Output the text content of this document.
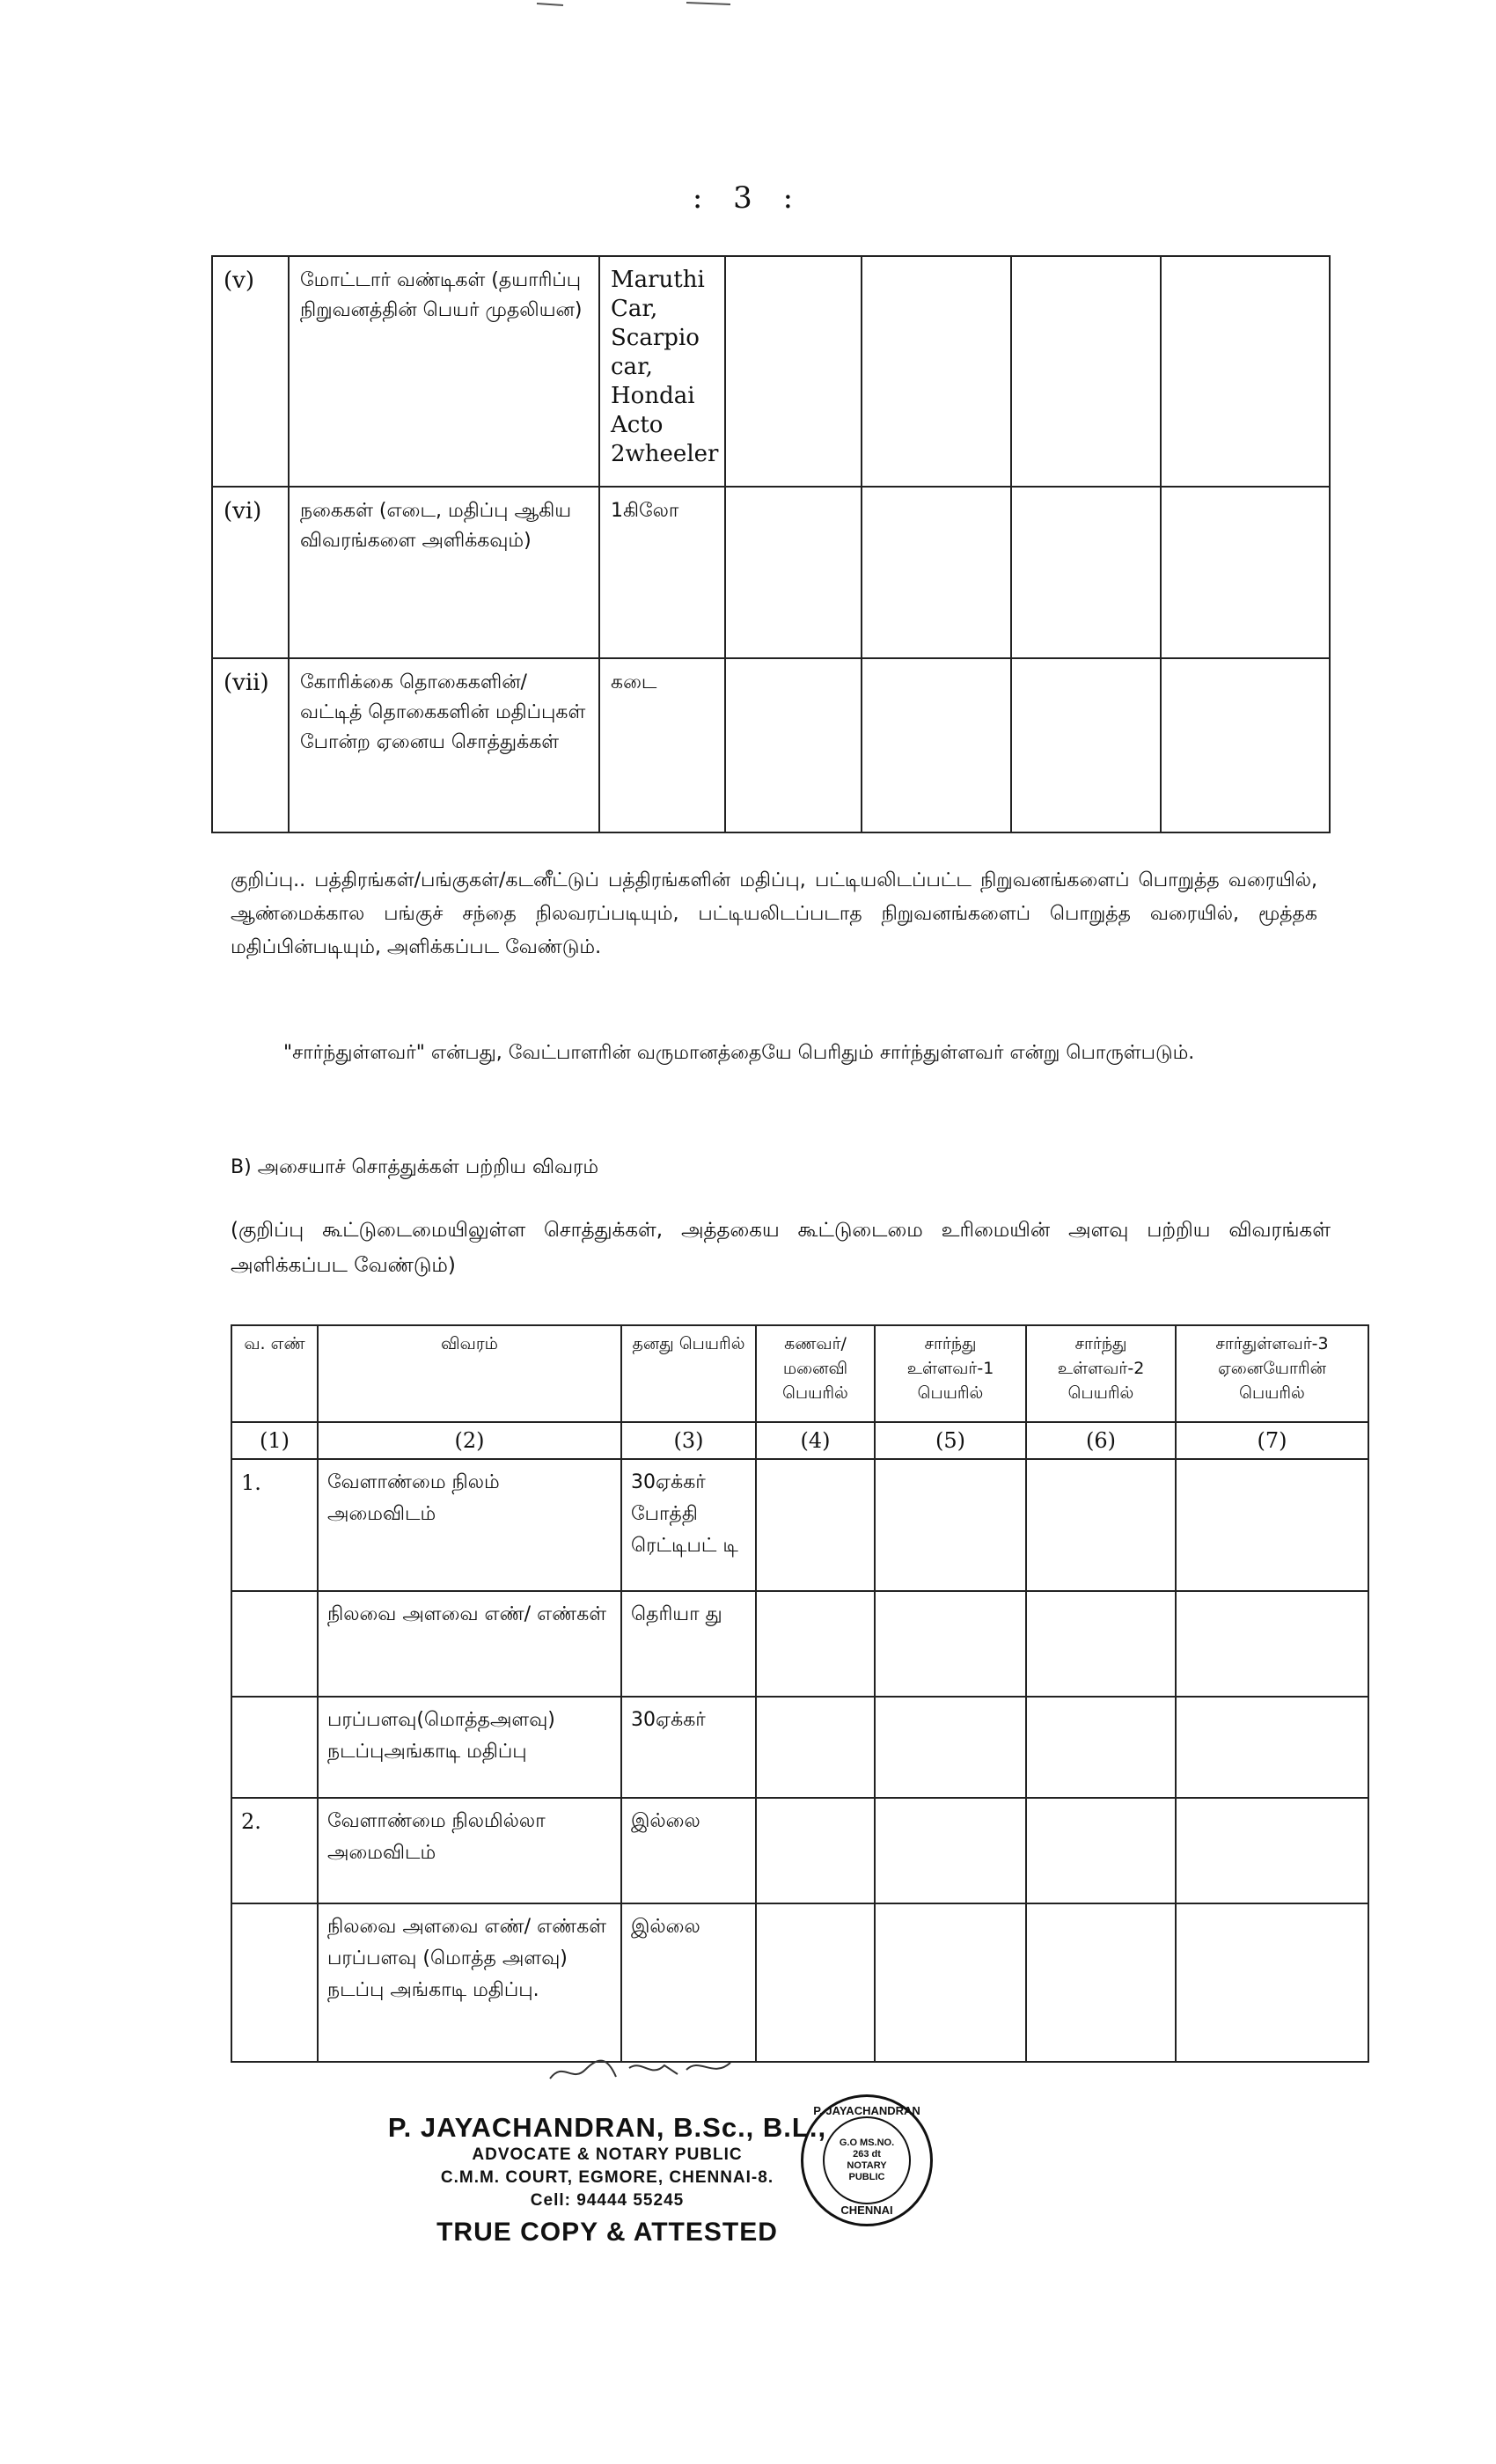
: 3 :
(v)	மோட்டார் வண்டிகள் (தயாரிப்பு நிறுவனத்தின் பெயர் முதலியன)	Maruthi Car, Scarpio car, Hondai Acto 2wheeler				
(vi)	நகைகள் (எடை, மதிப்பு ஆகிய விவரங்களை அளிக்கவும்)	1கிலோ				
(vii)	கோரிக்கை தொகைகளின்/வட்டித் தொகைகளின் மதிப்புகள் போன்ற ஏனைய சொத்துக்கள்	கடை				
குறிப்பு.. பத்திரங்கள்/பங்குகள்/கடனீட்டுப் பத்திரங்களின் மதிப்பு, பட்டியலிடப்பட்ட நிறுவனங்களைப் பொறுத்த வரையில், ஆண்மைக்கால பங்குச் சந்தை நிலவரப்படியும், பட்டியலிடப்படாத நிறுவனங்களைப் பொறுத்த வரையில், மூத்தக மதிப்பின்படியும், அளிக்கப்பட வேண்டும்.
"சார்ந்துள்ளவர்" என்பது, வேட்பாளரின் வருமானத்தையே பெரிதும் சார்ந்துள்ளவர் என்று பொருள்படும்.
B) அசையாச் சொத்துக்கள் பற்றிய விவரம்
(குறிப்பு கூட்டுடைமையிலுள்ள சொத்துக்கள், அத்தகைய கூட்டுடைமை உரிமையின் அளவு பற்றிய விவரங்கள் அளிக்கப்பட வேண்டும்)
வ. எண்	விவரம்	தனது பெயரில்	கணவர்/ மனைவி பெயரில்	சார்ந்து உள்ளவர்-1 பெயரில்	சார்ந்து உள்ளவர்-2 பெயரில்	சார்துள்ளவர்-3 ஏனையோரின் பெயரில்
(1)	(2)	(3)	(4)	(5)	(6)	(7)
1.	வேளாண்மை நிலம் அமைவிடம்	30ஏக்கர் போத்தி ரெட்டிபட் டி				
	நிலவை அளவை எண்/ எண்கள்	தெரியா து				
	பரப்பளவு(மொத்தஅளவு) நடப்புஅங்காடி மதிப்பு	30ஏக்கர்				
2.	வேளாண்மை நிலமில்லா அமைவிடம்	இல்லை				
	நிலவை அளவை எண்/ எண்கள் பரப்பளவு (மொத்த அளவு) நடப்பு அங்காடி மதிப்பு.	இல்லை				
P. JAYACHANDRAN, B.Sc., B.L.,
ADVOCATE & NOTARY PUBLIC
C.M.M. COURT, EGMORE, CHENNAI-8.
Cell: 94444 55245
TRUE COPY & ATTESTED
P. JAYACHANDRAN
G.O MS.NO.
263 dt
NOTARY
PUBLIC
CHENNAI
